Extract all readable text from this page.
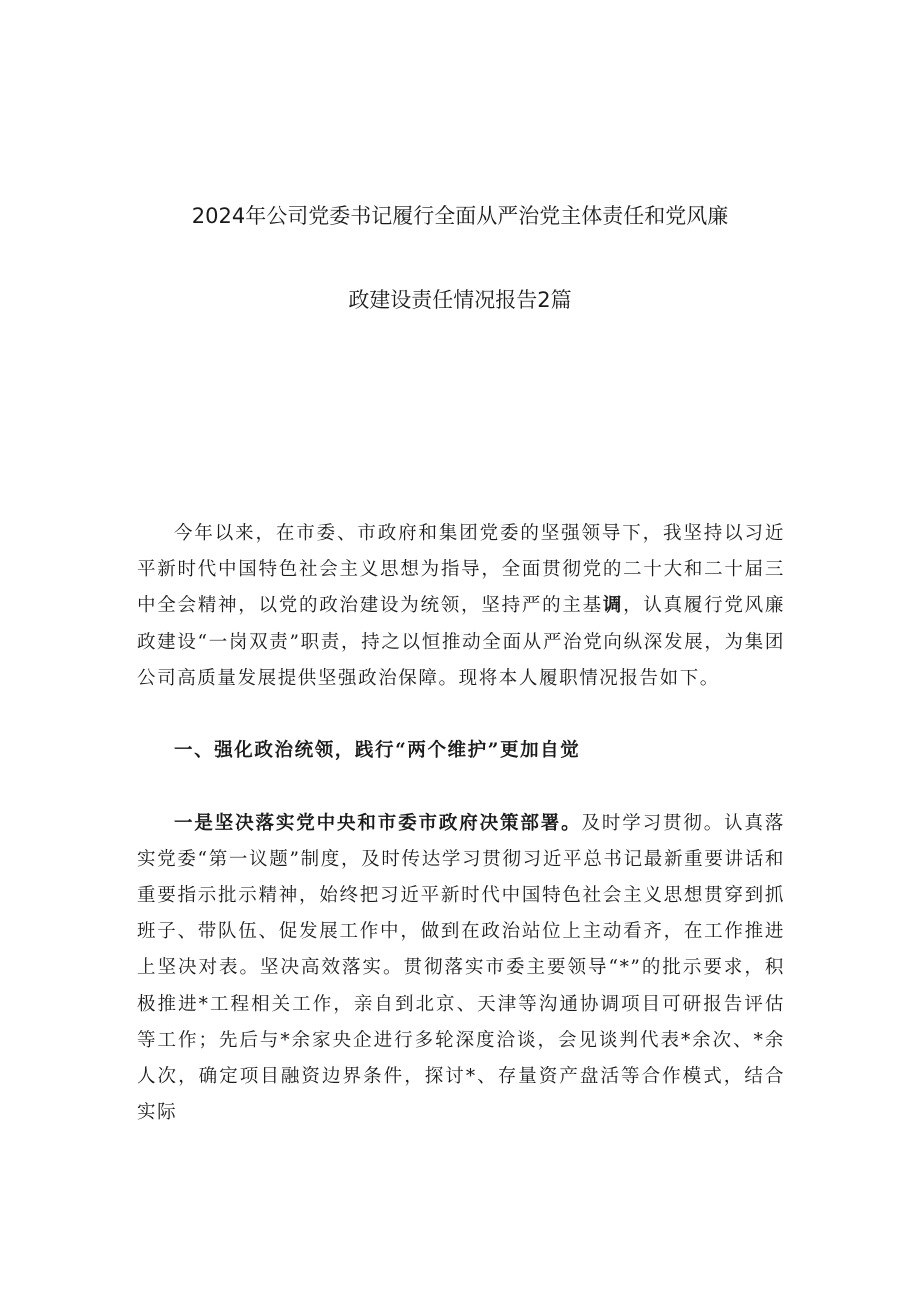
2024年公司党委书记履行全面从严治党主体责任和党风廉
政建设责任情况报告2篇

今年以来，在市委、市政府和集团党委的坚强领导下，我坚持以习近平新时代中国特色社会主义思想为指导，全面贯彻党的二十大和二十届三中全会精神，以党的政治建设为统领，坚持严的主基调，认真履行党风廉政建设“一岗双责”职责，持之以恒推动全面从严治党向纵深发展，为集团公司高质量发展提供坚强政治保障。现将本人履职情况报告如下。

一、强化政治统领，践行“两个维护”更加自觉

一是坚决落实党中央和市委市政府决策部署。及时学习贯彻。认真落实党委“第一议题”制度，及时传达学习贯彻习近平总书记最新重要讲话和重要指示批示精神，始终把习近平新时代中国特色社会主义思想贯穿到抓班子、带队伍、促发展工作中，做到在政治站位上主动看齐，在工作推进上坚决对表。坚决高效落实。贯彻落实市委主要领导“*”的批示要求，积极推进*工程相关工作，亲自到北京、天津等沟通协调项目可研报告评估等工作；先后与*余家央企进行多轮深度洽谈，会见谈判代表*余次、*余人次，确定项目融资边界条件，探讨*、存量资产盘活等合作模式，结合实际
